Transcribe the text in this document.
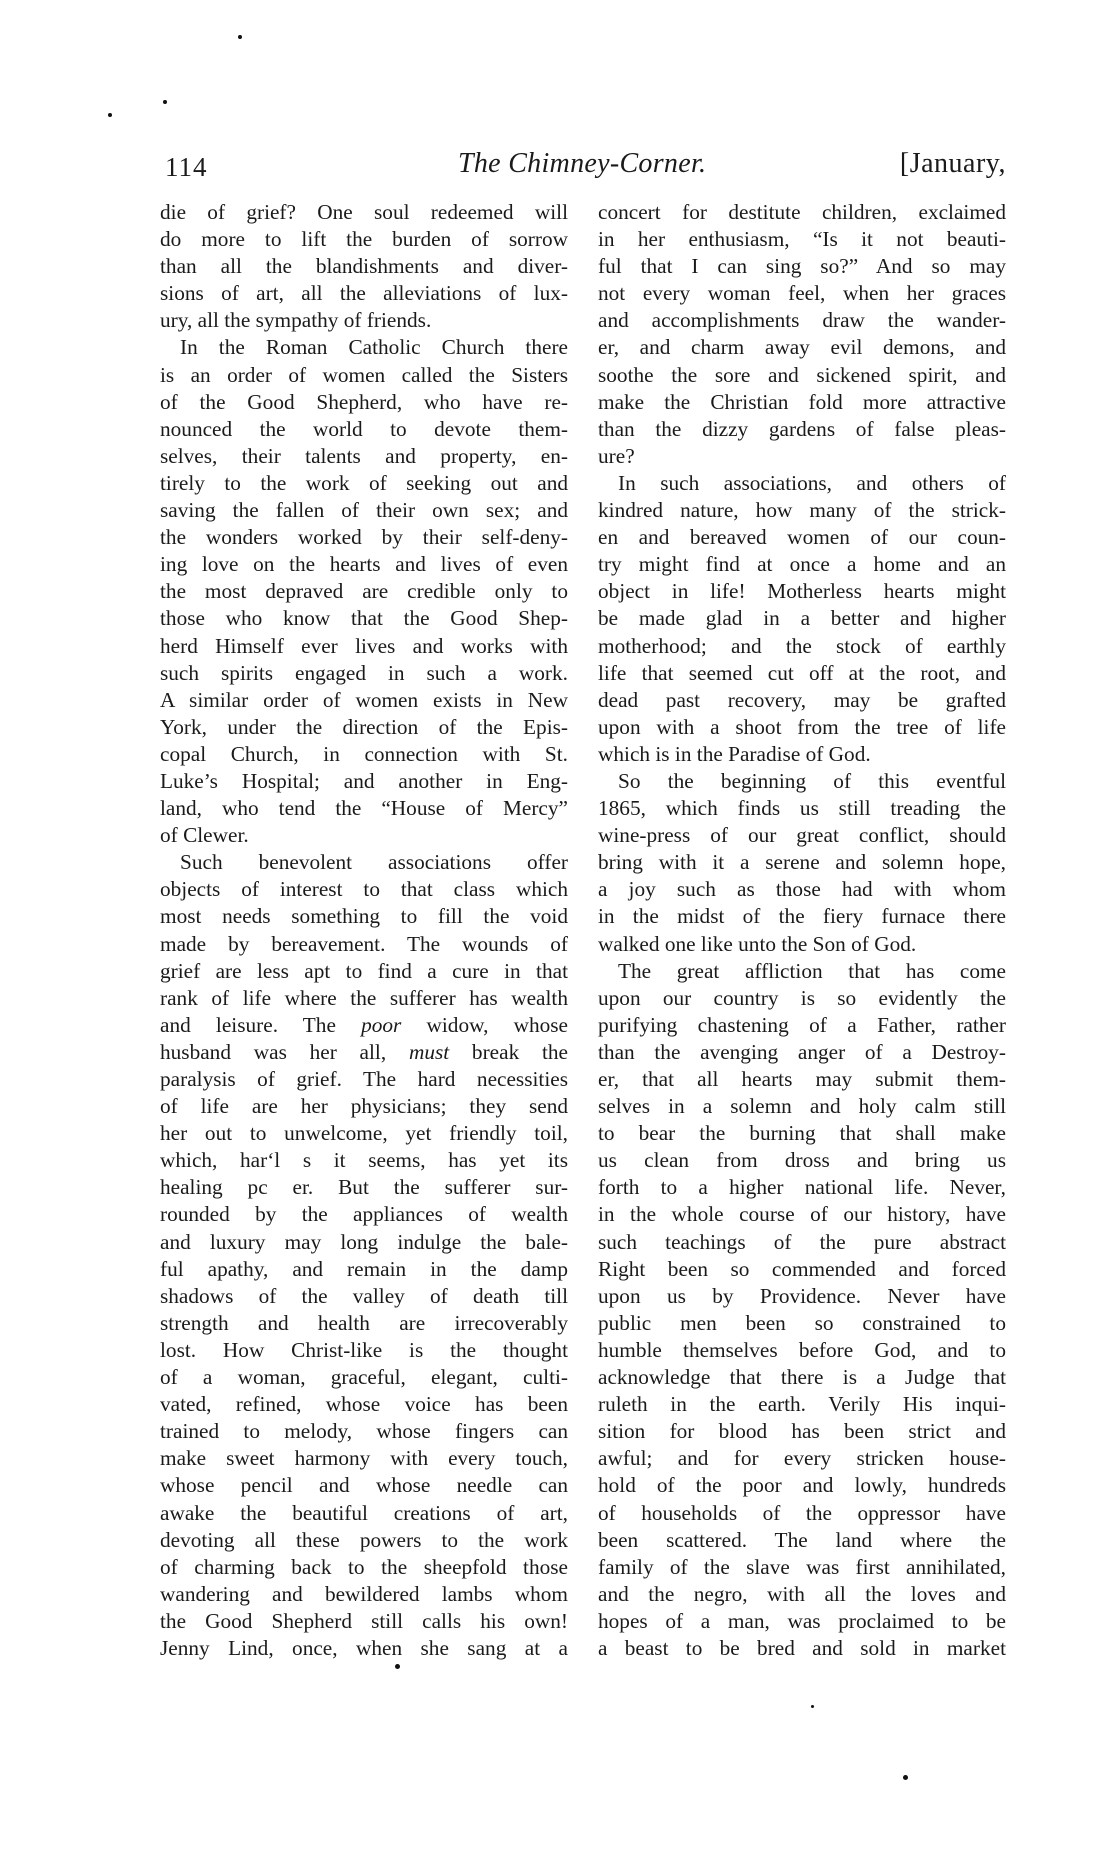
114	The Chimney-Corner.	[January,
die of grief? One soul redeemed will
do more to lift the burden of sorrow
than all the blandishments and diver-
sions of art, all the alleviations of lux-
ury, all the sympathy of friends.
In the Roman Catholic Church there
is an order of women called the Sisters
of the Good Shepherd, who have re-
nounced the world to devote them-
selves, their talents and property, en-
tirely to the work of seeking out and
saving the fallen of their own sex; and
the wonders worked by their self-deny-
ing love on the hearts and lives of even
the most depraved are credible only to
those who know that the Good Shep-
herd Himself ever lives and works with
such spirits engaged in such a work.
A similar order of women exists in New
York, under the direction of the Epis-
copal Church, in connection with St.
Luke’s Hospital; and another in Eng-
land, who tend the “House of Mercy”
of Clewer.
Such benevolent associations offer
objects of interest to that class which
most needs something to fill the void
made by bereavement. The wounds of
grief are less apt to find a cure in that
rank of life where the sufferer has wealth
and leisure. The poor widow, whose
husband was her all, must break the
paralysis of grief. The hard necessities
of life are her physicians; they send
her out to unwelcome, yet friendly toil,
which, har‘l s it seems, has yet its
healing pc er. But the sufferer sur-
rounded by the appliances of wealth
and luxury may long indulge the bale-
ful apathy, and remain in the damp
shadows of the valley of death till
strength and health are irrecoverably
lost. How Christ-like is the thought
of a woman, graceful, elegant, culti-
vated, refined, whose voice has been
trained to melody, whose fingers can
make sweet harmony with every touch,
whose pencil and whose needle can
awake the beautiful creations of art,
devoting all these powers to the work
of charming back to the sheepfold those
wandering and bewildered lambs whom
the Good Shepherd still calls his own!
Jenny Lind, once, when she sang at a
concert for destitute children, exclaimed
in her enthusiasm, “Is it not beauti-
ful that I can sing so?” And so may
not every woman feel, when her graces
and accomplishments draw the wander-
er, and charm away evil demons, and
soothe the sore and sickened spirit, and
make the Christian fold more attractive
than the dizzy gardens of false pleas-
ure?
In such associations, and others of
kindred nature, how many of the strick-
en and bereaved women of our coun-
try might find at once a home and an
object in life! Motherless hearts might
be made glad in a better and higher
motherhood; and the stock of earthly
life that seemed cut off at the root, and
dead past recovery, may be grafted
upon with a shoot from the tree of life
which is in the Paradise of God.
So the beginning of this eventful
1865, which finds us still treading the
wine-press of our great conflict, should
bring with it a serene and solemn hope,
a joy such as those had with whom
in the midst of the fiery furnace there
walked one like unto the Son of God.
The great affliction that has come
upon our country is so evidently the
purifying chastening of a Father, rather
than the avenging anger of a Destroy-
er, that all hearts may submit them-
selves in a solemn and holy calm still
to bear the burning that shall make
us clean from dross and bring us
forth to a higher national life. Never,
in the whole course of our history, have
such teachings of the pure abstract
Right been so commended and forced
upon us by Providence. Never have
public men been so constrained to
humble themselves before God, and to
acknowledge that there is a Judge that
ruleth in the earth. Verily His inqui-
sition for blood has been strict and
awful; and for every stricken house-
hold of the poor and lowly, hundreds
of households of the oppressor have
been scattered. The land where the
family of the slave was first annihilated,
and the negro, with all the loves and
hopes of a man, was proclaimed to be
a beast to be bred and sold in market
